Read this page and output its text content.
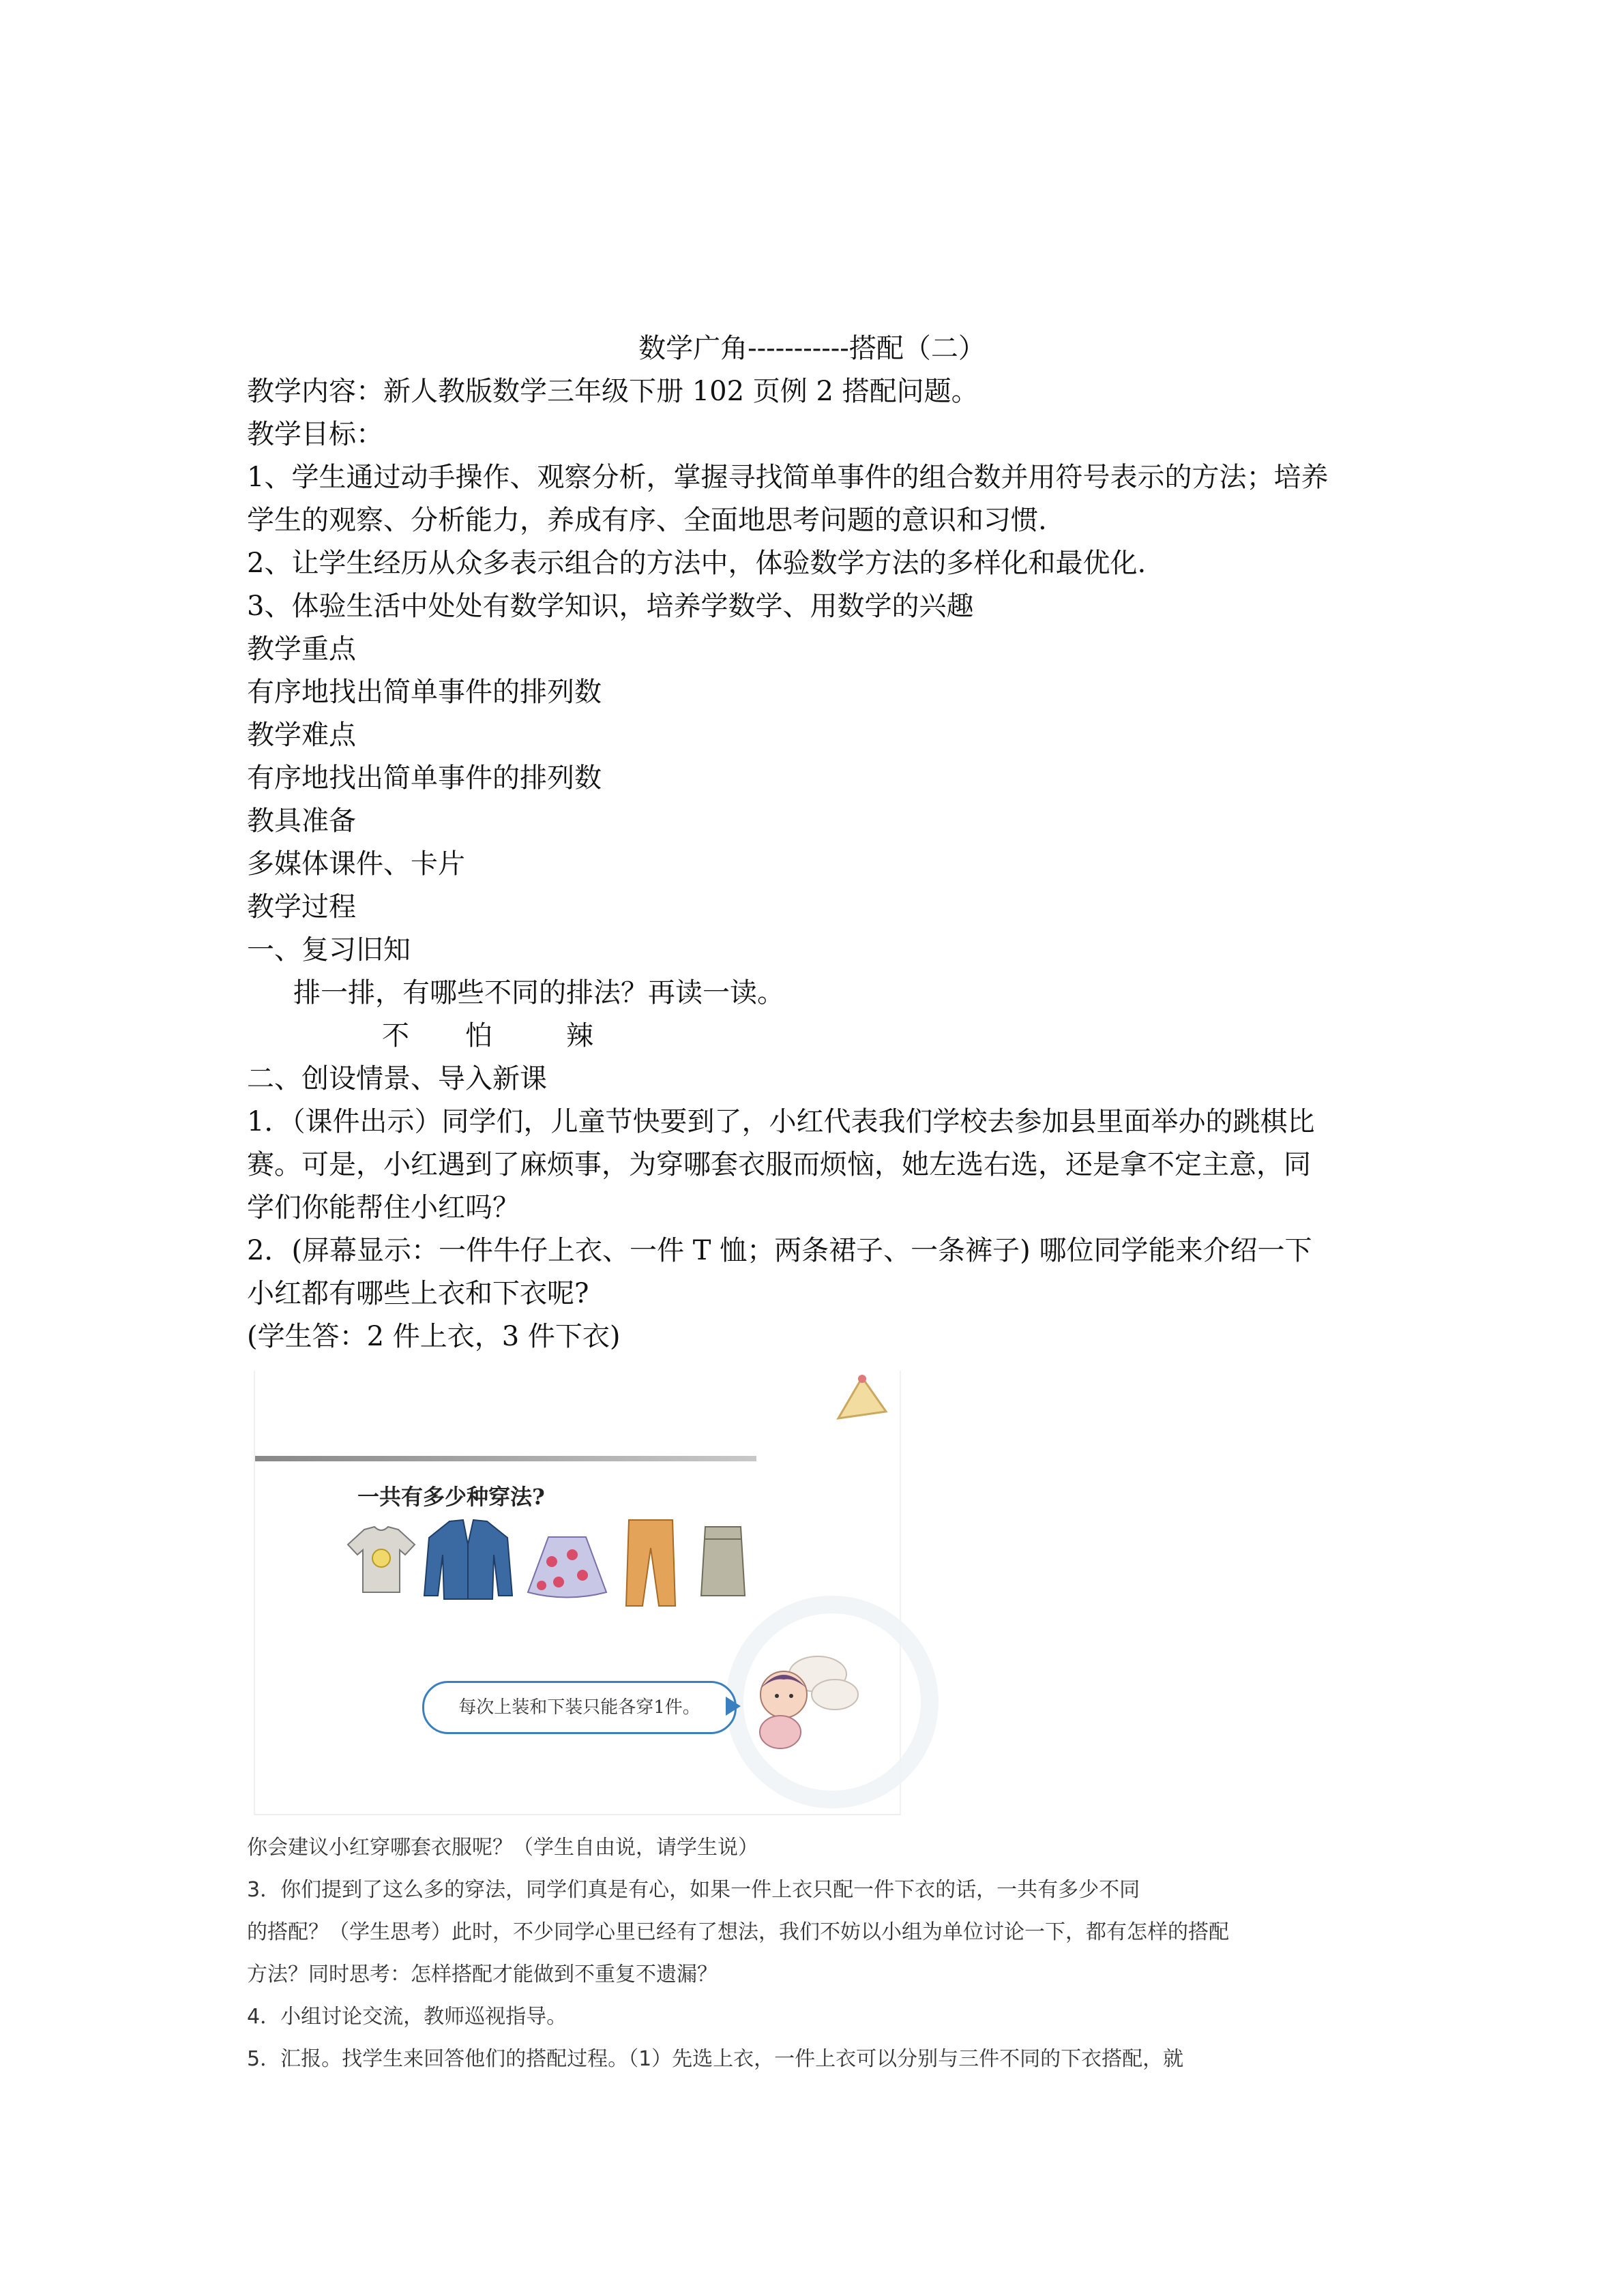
数学广角-----------搭配（二）
教学内容：新人教版数学三年级下册 102 页例 2 搭配问题。
教学目标：
1、学生通过动手操作、观察分析，掌握寻找简单事件的组合数并用符号表示的方法；培养
学生的观察、分析能力，养成有序、全面地思考问题的意识和习惯.
2、让学生经历从众多表示组合的方法中，体验数学方法的多样化和最优化.
3、体验生活中处处有数学知识，培养学数学、用数学的兴趣
教学重点
有序地找出简单事件的排列数
教学难点
有序地找出简单事件的排列数
教具准备
多媒体课件、卡片
教学过程
一、复习旧知
排一排，有哪些不同的排法？再读一读。
不 怕	辣
二、创设情景、导入新课
1．（课件出示）同学们，儿童节快要到了，小红代表我们学校去参加县里面举办的跳棋比
赛。可是，小红遇到了麻烦事，为穿哪套衣服而烦恼，她左选右选，还是拿不定主意，同
学们你能帮住小红吗？
2．(屏幕显示：一件牛仔上衣、一件 T 恤；两条裙子、一条裤子) 哪位同学能来介绍一下
小红都有哪些上衣和下衣呢?
(学生答：2 件上衣，3 件下衣)
一共有多少种穿法?
每次上装和下装只能各穿1件。
你会建议小红穿哪套衣服呢？（学生自由说，请学生说）
3．你们提到了这么多的穿法，同学们真是有心，如果一件上衣只配一件下衣的话，一共有多少不同
的搭配？（学生思考）此时，不少同学心里已经有了想法，我们不妨以小组为单位讨论一下，都有怎样的搭配
方法？同时思考：怎样搭配才能做到不重复不遗漏？
4．小组讨论交流，教师巡视指导。
5．汇报。找学生来回答他们的搭配过程。（1）先选上衣，一件上衣可以分别与三件不同的下衣搭配，就
